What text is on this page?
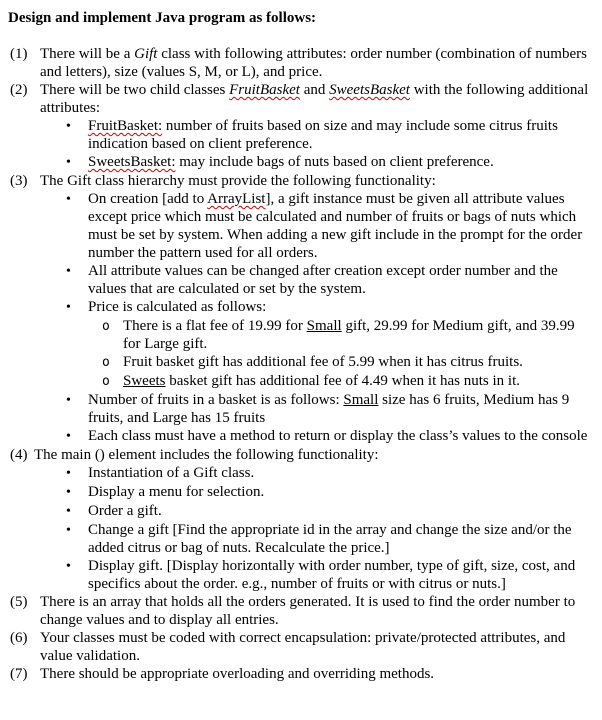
Design and implement Java program as follows:
(1) There will be a Gift class with following attributes: order number (combination of numbers and letters), size (values S, M, or L), and price.
(2) There will be two child classes FruitBasket and SweetsBasket with the following additional attributes:
•	FruitBasket: number of fruits based on size and may include some citrus fruits indication based on client preference.
•	SweetsBasket: may include bags of nuts based on client preference.
(3) The Gift class hierarchy must provide the following functionality:
•	On creation [add to ArrayList], a gift instance must be given all attribute values except price which must be calculated and number of fruits or bags of nuts which must be set by system. When adding a new gift include in the prompt for the order number the pattern used for all orders.
•	All attribute values can be changed after creation except order number and the values that are calculated or set by the system.
•	Price is calculated as follows:
o There is a flat fee of 19.99 for Small gift, 29.99 for Medium gift, and 39.99 for Large gift.
o Fruit basket gift has additional fee of 5.99 when it has citrus fruits.
o Sweets basket gift has additional fee of 4.49 when it has nuts in it.
•	Number of fruits in a basket is as follows: Small size has 6 fruits, Medium has 9 fruits, and Large has 15 fruits
•	Each class must have a method to return or display the class’s values to the console
(4) The main () element includes the following functionality:
•	Instantiation of a Gift class.
•	Display a menu for selection.
•	Order a gift.
•	Change a gift [Find the appropriate id in the array and change the size and/or the added citrus or bag of nuts. Recalculate the price.]
•	Display gift. [Display horizontally with order number, type of gift, size, cost, and specifics about the order. e.g., number of fruits or with citrus or nuts.]
(5) There is an array that holds all the orders generated. It is used to find the order number to change values and to display all entries.
(6) Your classes must be coded with correct encapsulation: private/protected attributes, and value validation.
(7) There should be appropriate overloading and overriding methods.
